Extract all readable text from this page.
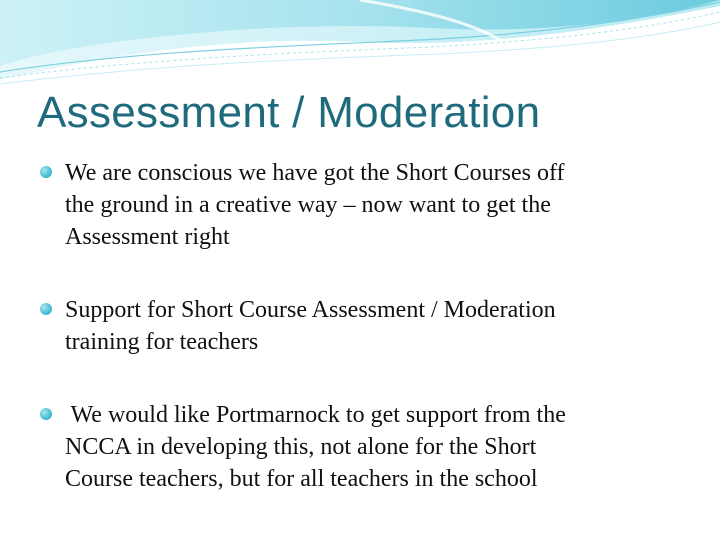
Assessment / Moderation
We are conscious we have got the Short Courses off
the ground in a creative way – now want to get the
Assessment right
Support for Short Course Assessment / Moderation
training for teachers
We would like Portmarnock to get support from the
NCCA in developing this, not alone for the Short
Course teachers, but for all teachers in the school
